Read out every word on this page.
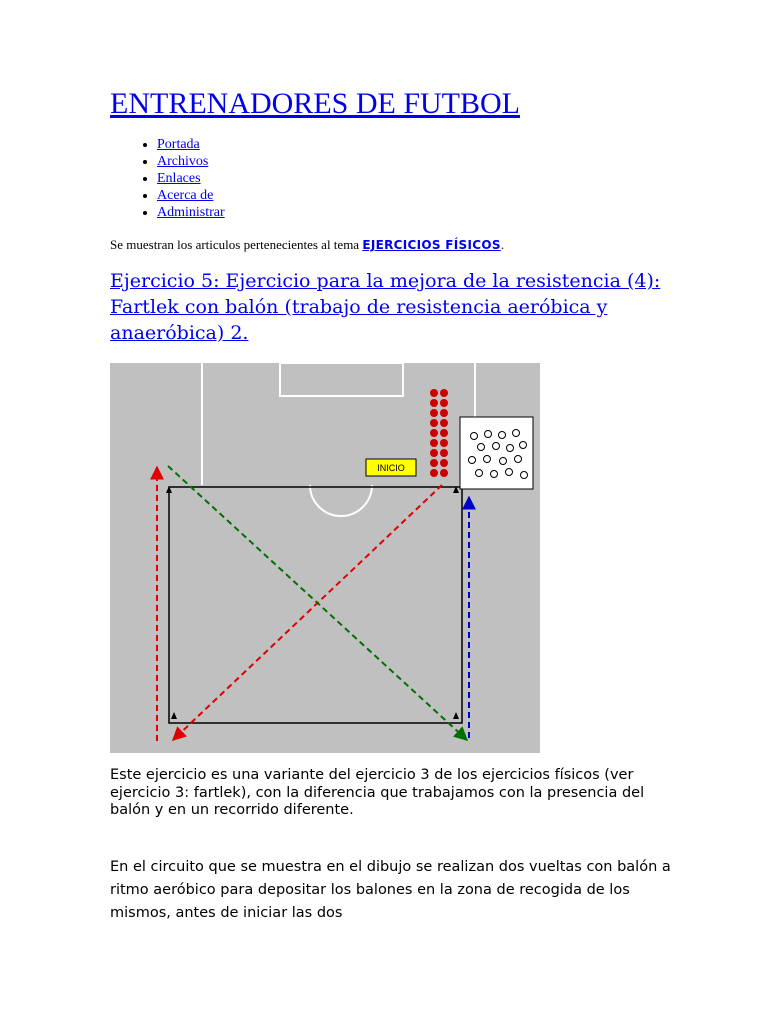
ENTRENADORES DE FUTBOL
• Portada
• Archivos
• Enlaces
• Acerca de
• Administrar

Se muestran los articulos pertenecientes al tema EJERCICIOS FÍSICOS.

Ejercicio 5: Ejercicio para la mejora de la resistencia (4): Fartlek con balón (trabajo de resistencia aeróbica y anaeróbica) 2.
INICIO

Este ejercicio es una variante del ejercicio 3 de los ejercicios físicos (ver ejercicio 3: fartlek), con la diferencia que trabajamos con la presencia del balón y en un recorrido diferente.

En el circuito que se muestra en el dibujo se realizan dos vueltas con balón a ritmo aeróbico para depositar los balones en la zona de recogida de los mismos, antes de iniciar las dos
